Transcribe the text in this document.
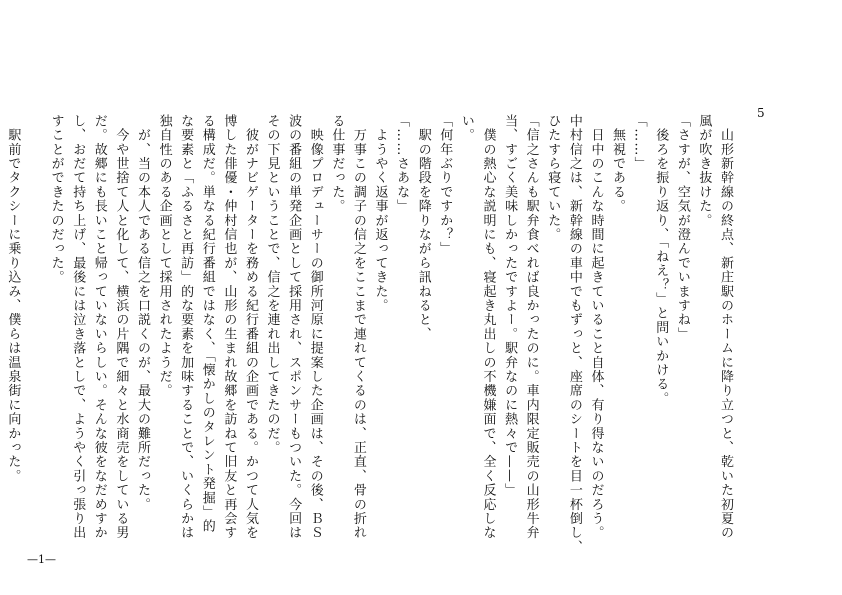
5

　山形新幹線の終点、新庄駅のホームに降り立つと、乾いた初夏の

風が吹き抜けた。

「さすが、空気が澄んでいますね」

　後ろを振り返り、「ねえ？」と問いかける。

「……」

　無視である。

　日中のこんな時間に起きていること自体、有り得ないのだろう。

中村信之は、新幹線の車中でもずっと、座席のシートを目一杯倒し、

ひたすら寝ていた。

「信之さんも駅弁食べれば良かったのに。車内限定販売の山形牛弁

当、すごく美味しかったですよー。駅弁なのに熱々で——」

　僕の熱心な説明にも、寝起き丸出しの不機嫌面で、全く反応しな

い。

「何年ぶりですか？」

　駅の階段を降りながら訊ねると、

「……さあな」

　ようやく返事が返ってきた。

　万事この調子の信之をここまで連れてくるのは、正直、骨の折れ

る仕事だった。

　映像プロデューサーの御所河原に提案した企画は、その後、ＢＳ

波の番組の単発企画として採用され、スポンサーもついた。今回は

その下見ということで、信之を連れ出してきたのだ。

　彼がナビゲーターを務める紀行番組の企画である。かつて人気を

博した俳優・仲村信也が、山形の生まれ故郷を訪ねて旧友と再会す

る構成だ。単なる紀行番組ではなく、「懐かしのタレント発掘」的

な要素と「ふるさと再訪」的な要素を加味することで、いくらかは

独自性のある企画として採用されたようだ。

　が、当の本人である信之を口説くのが、最大の難所だった。

　今や世捨て人と化して、横浜の片隅で細々と水商売をしている男

だ。故郷にも長いこと帰っていないらしい。そんな彼をなだめすか

し、おだて持ち上げ、最後には泣き落としで、ようやく引っ張り出

すことができたのだった。

　駅前でタクシーに乗り込み、僕らは温泉街に向かった。

—1—
